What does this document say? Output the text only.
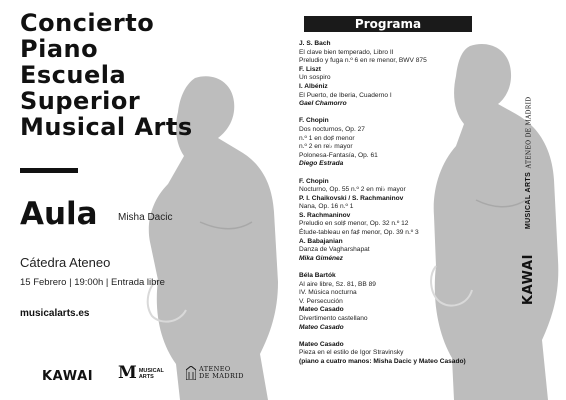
Concierto
Piano
Escuela
Superior
Musical Arts
Aula Misha Dacic
Cátedra Ateneo
15 Febrero | 19:00h | Entrada libre
musicalarts.es
KAWAI M MUSICAL
ARTS
ATENEO
DE MADRID
Programa
J. S. Bach
El clave bien temperado, Libro II
Preludio y fuga n.º 6 en re menor, BWV 875
F. Liszt
Un sospiro
I. Albéniz
El Puerto, de Iberia, Cuaderno I
Gael Chamorro
F. Chopin
Dos nocturnos, Op. 27
n.º 1 en do♯ menor
n.º 2 en re♭ mayor
Polonesa-Fantasía, Op. 61
Diego Estrada
F. Chopin
Nocturno, Op. 55 n.º 2 en mi♭ mayor
P. I. Chaikovski / S. Rachmaninov
Nana, Op. 16 n.º 1
S. Rachmaninov
Preludio en sol♯ menor, Op. 32 n.º 12
Étude-tableau en fa♯ menor, Op. 39 n.º 3
A. Babajanian
Danza de Vagharshapat
Mika Giménez
Béla Bartók
Al aire libre, Sz. 81, BB 89
IV. Música nocturna
V. Persecución
Mateo Casado
Divertimento castellano
Mateo Casado
Mateo Casado
Pieza en el estilo de Igor Stravinsky
(piano a cuatro manos: Misha Dacic y Mateo Casado)
ATENEO DE MADRID
MUSICAL ARTS
KAWAI
